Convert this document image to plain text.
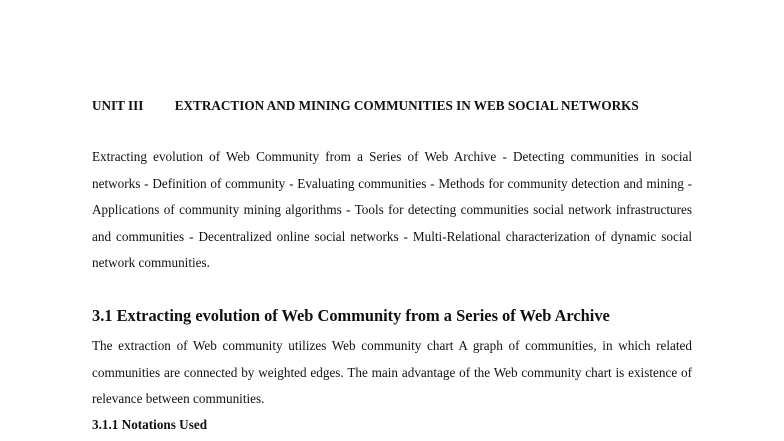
UNIT III EXTRACTION AND MINING COMMUNITIES IN WEB SOCIAL NETWORKS

Extracting evolution of Web Community from a Series of Web Archive - Detecting communities in social networks - Definition of community - Evaluating communities - Methods for community detection and mining - Applications of community mining algorithms - Tools for detecting communities social network infrastructures and communities - Decentralized online social networks - Multi-Relational characterization of dynamic social network communities.

3.1 Extracting evolution of Web Community from a Series of Web Archive

The extraction of Web community utilizes Web community chart A graph of communities, in which related communities are connected by weighted edges. The main advantage of the Web community chart is existence of relevance between communities.

3.1.1 Notations Used
